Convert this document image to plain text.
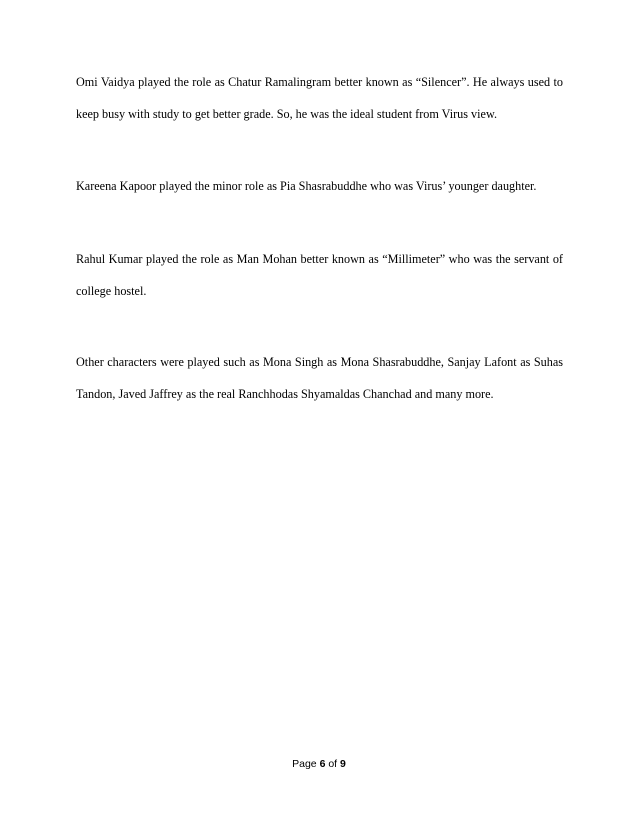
Omi Vaidya played the role as Chatur Ramalingram better known as “Silencer”. He always used to keep busy with study to get better grade. So, he was the ideal student from Virus view.

Kareena Kapoor played the minor role as Pia Shasrabuddhe who was Virus’ younger daughter.

Rahul Kumar played the role as Man Mohan better known as “Millimeter” who was the servant of college hostel.

Other characters were played such as Mona Singh as Mona Shasrabuddhe, Sanjay Lafont as Suhas Tandon, Javed Jaffrey as the real Ranchhodas Shyamaldas Chanchad and many more.

Page 6 of 9
